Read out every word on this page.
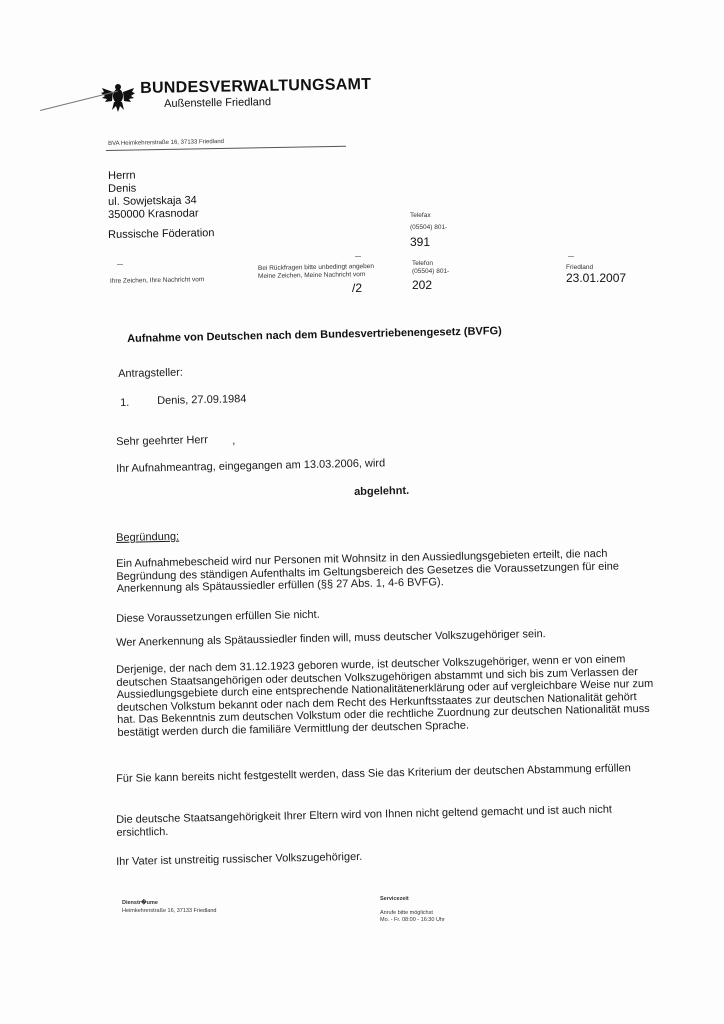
BUNDESVERWALTUNGSAMT
Außenstelle Friedland
BVA Heimkehrerstraße 16, 37133 Friedland
Herrn
Denis
ul. Sowjetskaja 34
350000 Krasnodar
Russische Föderation
Telefax
(05504) 801-
391
Ihre Zeichen, Ihre Nachricht vom
Bei Rückfragen bitte unbedingt angeben
Meine Zeichen, Meine Nachricht vom
/2
Telefon
(05504) 801-
202
Friedland
23.01.2007
Aufnahme von Deutschen nach dem Bundesvertriebenengesetz (BVFG)
Antragsteller:
1.	Denis, 27.09.1984
Sehr geehrter Herr ,
Ihr Aufnahmeantrag, eingegangen am 13.03.2006, wird
abgelehnt.
Begründung:
Ein Aufnahmebescheid wird nur Personen mit Wohnsitz in den Aussiedlungsgebieten erteilt, die nach Begründung des ständigen Aufenthalts im Geltungsbereich des Gesetzes die Voraussetzungen für eine Anerkennung als Spätaussiedler erfüllen (§§ 27 Abs. 1, 4-6 BVFG).
Diese Voraussetzungen erfüllen Sie nicht.
Wer Anerkennung als Spätaussiedler finden will, muss deutscher Volkszugehöriger sein.
Derjenige, der nach dem 31.12.1923 geboren wurde, ist deutscher Volkszugehöriger, wenn er von einem deutschen Staatsangehörigen oder deutschen Volkszugehörigen abstammt und sich bis zum Verlassen der Aussiedlungsgebiete durch eine entsprechende Nationalitätenerklärung oder auf vergleichbare Weise nur zum deutschen Volkstum bekannt oder nach dem Recht des Herkunftsstaates zur deutschen Nationalität gehört hat. Das Bekenntnis zum deutschen Volkstum oder die rechtliche Zuordnung zur deutschen Nationalität muss bestätigt werden durch die familiäre Vermittlung der deutschen Sprache.
Für Sie kann bereits nicht festgestellt werden, dass Sie das Kriterium der deutschen Abstammung erfüllen
Die deutsche Staatsangehörigkeit Ihrer Eltern wird von Ihnen nicht geltend gemacht und ist auch nicht ersichtlich.
Ihr Vater ist unstreitig russischer Volkszugehöriger.
Dienstr�ume
Heimkehrerstraße 16, 37133 Friedland
Servicezeit
Anrufe bitte möglichst
Mo. - Fr. 08:00 - 16:30 Uhr
